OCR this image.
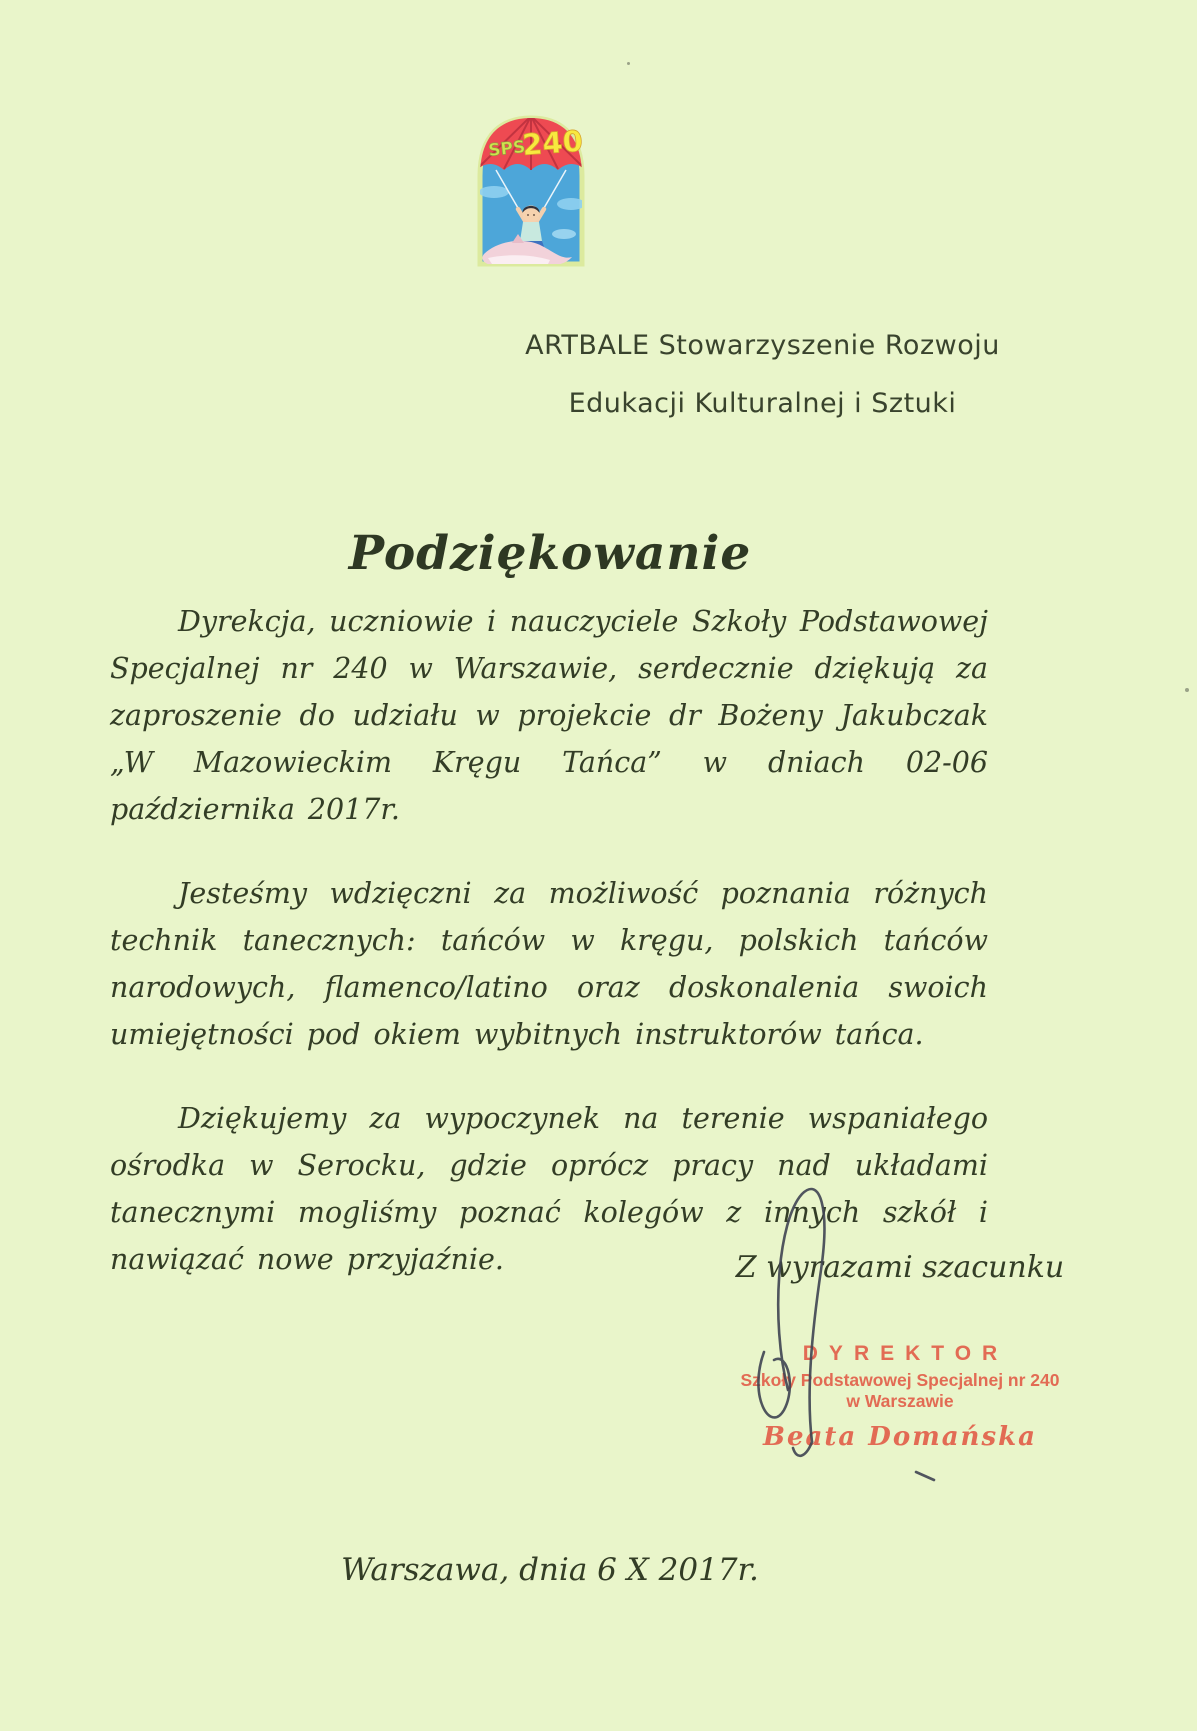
SPS
240
ARTBALE Stowarzyszenie Rozwoju
Edukacji Kulturalnej i Sztuki
Podziękowanie

Dyrekcja, uczniowie i nauczyciele Szkoły Podstawowej Specjalnej nr 240 w Warszawie, serdecznie dziękują za zaproszenie do udziału w projekcie dr Bożeny Jakubczak „W Mazowieckim Kręgu Tańca” w dniach 02-06 października 2017r.

Jesteśmy wdzięczni za możliwość poznania różnych technik tanecznych: tańców w kręgu, polskich tańców narodowych, flamenco/latino oraz doskonalenia swoich umiejętności pod okiem wybitnych instruktorów tańca.

Dziękujemy za wypoczynek na terenie wspaniałego ośrodka w Serocku, gdzie oprócz pracy nad układami tanecznymi mogliśmy poznać kolegów z innych szkół i nawiązać nowe przyjaźnie.	Z wyrazami szacunku
DYREKTOR
Szkoły Podstawowej Specjalnej nr 240
w Warszawie
Beata Domańska
Warszawa, dnia 6 X 2017r.
